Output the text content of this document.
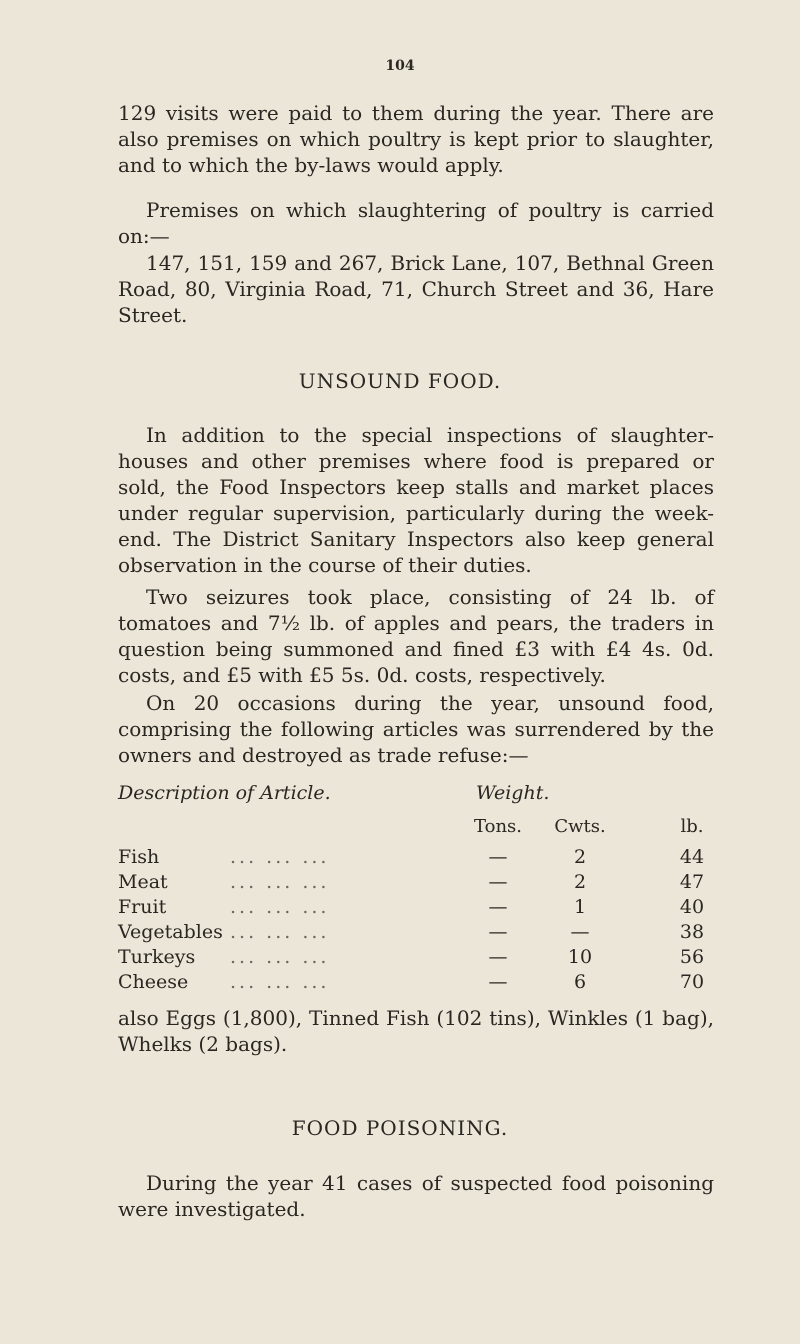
104
129 visits were paid to them during the year. There are also premises on which poultry is kept prior to slaughter, and to which the by-laws would apply.
Premises on which slaughtering of poultry is carried on:—
147, 151, 159 and 267, Brick Lane, 107, Bethnal Green Road, 80, Virginia Road, 71, Church Street and 36, Hare Street.
UNSOUND FOOD.
In addition to the special inspections of slaughter-houses and other premises where food is prepared or sold, the Food Inspectors keep stalls and market places under regular supervision, particularly during the week-end. The District Sanitary Inspectors also keep general observation in the course of their duties.
Two seizures took place, consisting of 24 lb. of tomatoes and 7½ lb. of apples and pears, the traders in question being summoned and fined £3 with £4 4s. 0d. costs, and £5 with £5 5s. 0d. costs, respectively.
On 20 occasions during the year, unsound food, comprising the following articles was surrendered by the owners and destroyed as trade refuse:—
Description of Article.	Weight.
Tons.	Cwts.	lb.
Fish	... ... ...	—	2	44
Meat	... ... ...	—	2	47
Fruit	... ... ...	—	1	40
Vegetables ... ... ...	—	—	38
Turkeys ... ... ...	—	10	56
Cheese ... ... ...	—	6	70
also Eggs (1,800), Tinned Fish (102 tins), Winkles (1 bag), Whelks (2 bags).
FOOD POISONING.
During the year 41 cases of suspected food poisoning were investigated.
